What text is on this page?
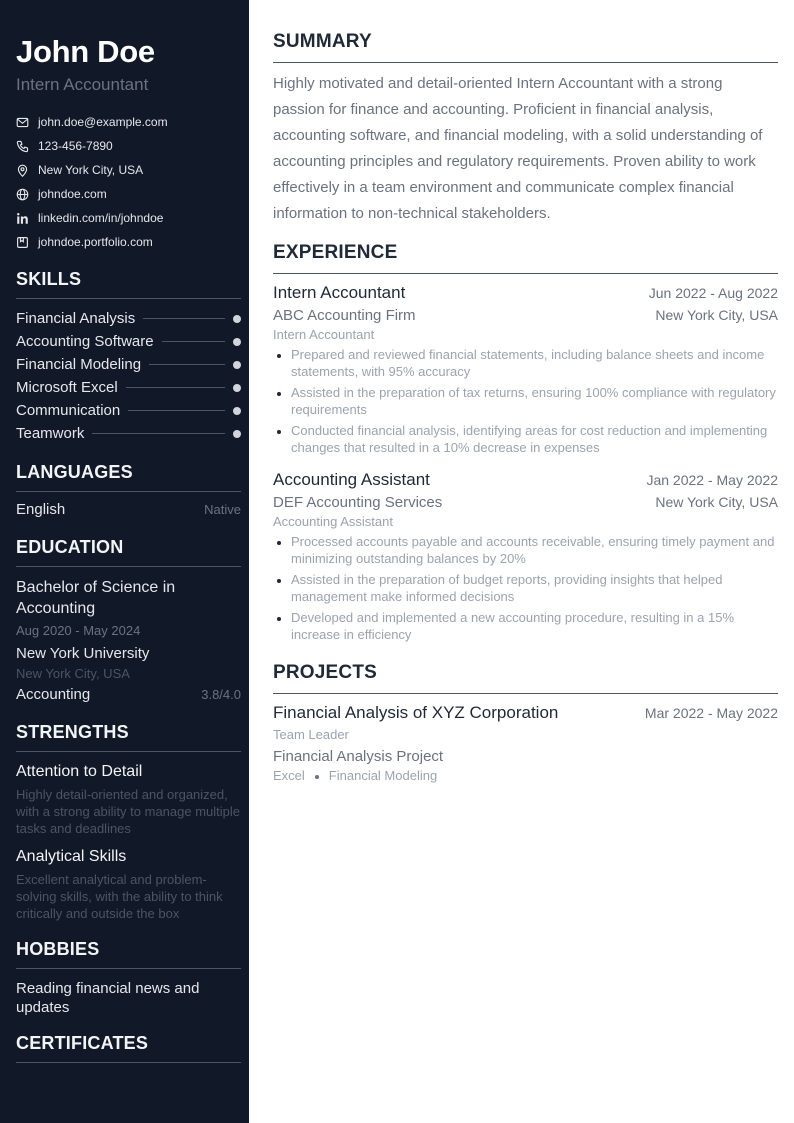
John Doe
Intern Accountant
john.doe@example.com
123-456-7890
New York City, USA
johndoe.com
linkedin.com/in/johndoe
johndoe.portfolio.com
SKILLS
Financial Analysis
Accounting Software
Financial Modeling
Microsoft Excel
Communication
Teamwork
LANGUAGES
English	Native
EDUCATION
Bachelor of Science in Accounting
Aug 2020 - May 2024
New York University
New York City, USA
Accounting	3.8/4.0
STRENGTHS
Attention to Detail
Highly detail-oriented and organized, with a strong ability to manage multiple tasks and deadlines
Analytical Skills
Excellent analytical and problem-solving skills, with the ability to think critically and outside the box
HOBBIES
Reading financial news and updates
CERTIFICATES
SUMMARY

Highly motivated and detail-oriented Intern Accountant with a strong passion for finance and accounting. Proficient in financial analysis, accounting software, and financial modeling, with a solid understanding of accounting principles and regulatory requirements. Proven ability to work effectively in a team environment and communicate complex financial information to non-technical stakeholders.

EXPERIENCE
Intern Accountant	Jun 2022 - Aug 2022
ABC Accounting Firm	New York City, USA
Intern Accountant
• Prepared and reviewed financial statements, including balance sheets and income statements, with 95% accuracy
• Assisted in the preparation of tax returns, ensuring 100% compliance with regulatory requirements
• Conducted financial analysis, identifying areas for cost reduction and implementing changes that resulted in a 10% decrease in expenses
Accounting Assistant	Jan 2022 - May 2022
DEF Accounting Services	New York City, USA
Accounting Assistant
• Processed accounts payable and accounts receivable, ensuring timely payment and minimizing outstanding balances by 20%
• Assisted in the preparation of budget reports, providing insights that helped management make informed decisions
• Developed and implemented a new accounting procedure, resulting in a 15% increase in efficiency
PROJECTS
Financial Analysis of XYZ Corporation	Mar 2022 - May 2022
Team Leader
Financial Analysis Project
Excel Financial Modeling
